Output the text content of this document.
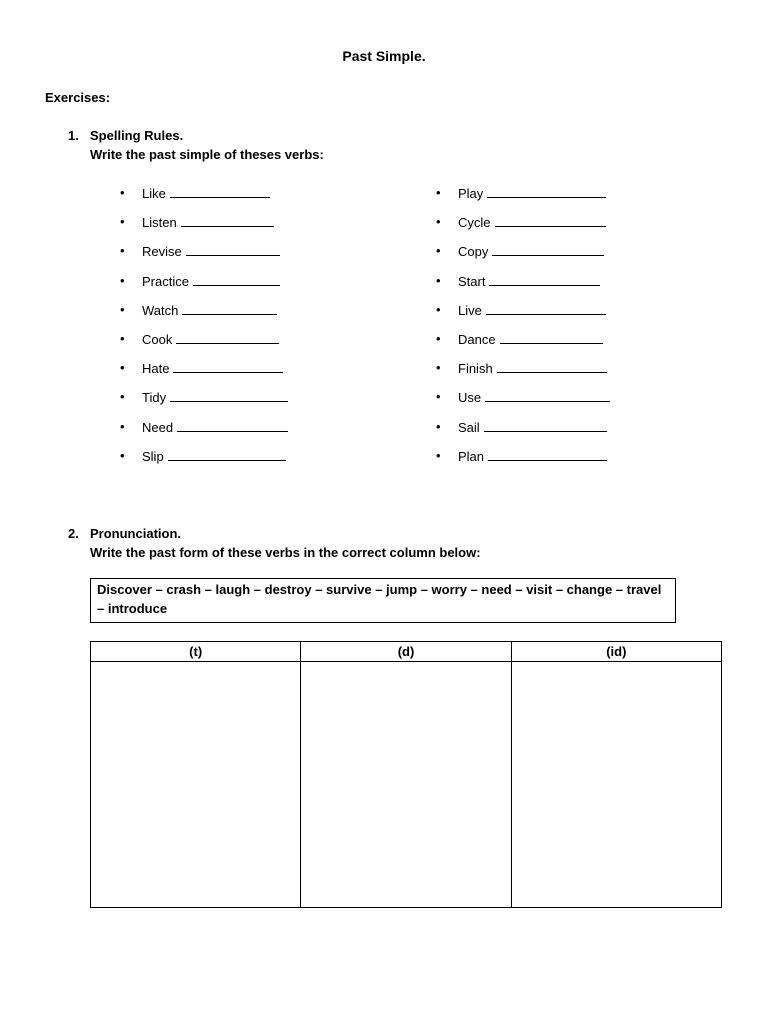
Past Simple.
Exercises:
1. Spelling Rules.
Write the past simple of theses verbs:
• Like
• Listen
• Revise
• Practice
• Watch
• Cook
• Hate
• Tidy
• Need
• Slip
• Play
• Cycle
• Copy
• Start
• Live
• Dance
• Finish
• Use
• Sail
• Plan
2. Pronunciation.
Write the past form of these verbs in the correct column below:
Discover – crash – laugh – destroy – survive – jump – worry – need – visit – change – travel – introduce
(t)	(d)	(id)
